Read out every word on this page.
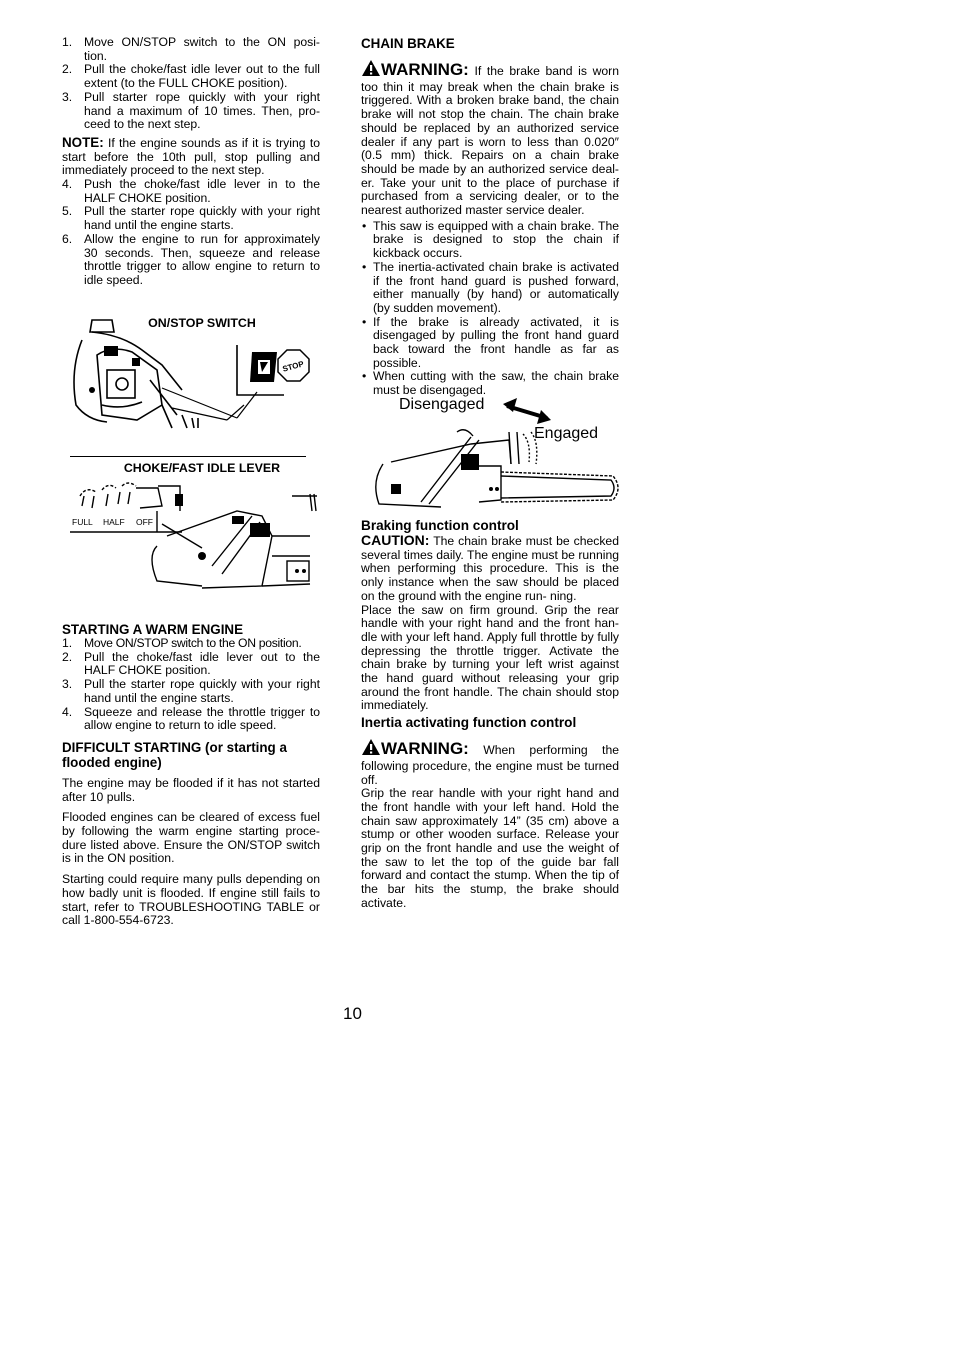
1. Move ON/STOP switch to the ON posi- tion.
2. Pull the choke/fast idle lever out to the full extent (to the FULL CHOKE position).
3. Pull starter rope quickly with your right hand a maximum of 10 times. Then, pro- ceed to the next step.

NOTE: If the engine sounds as if it is trying to start before the 10th pull, stop pulling and immediately proceed to the next step.

4. Push the choke/fast idle lever in to the HALF CHOKE position.
5. Pull the starter rope quickly with your right hand until the engine starts.
6. Allow the engine to run for approximately 30 seconds. Then, squeeze and release throttle trigger to allow engine to return to idle speed.
ON/STOP SWITCH
STOP
CHOKE/FAST IDLE LEVER
FULL HALF OFF

STARTING A WARM ENGINE

1. Move ON/STOP switch to the ON position.
2. Pull the choke/fast idle lever out to the HALF CHOKE position.
3. Pull the starter rope quickly with your right hand until the engine starts.
4. Squeeze and release the throttle trigger to allow engine to return to idle speed.

DIFFICULT STARTING (or starting a flooded engine)

The engine may be flooded if it has not started after 10 pulls.

Flooded engines can be cleared of excess fuel by following the warm engine starting proce- dure listed above. Ensure the ON/STOP switch is in the ON position.

Starting could require many pulls depending on how badly unit is flooded. If engine still fails to start, refer to TROUBLESHOOTING TABLE or call 1-800-554-6723.

CHAIN BRAKE

WARNING: If the brake band is worn too thin it may break when the chain brake is triggered. With a broken brake band, the chain brake will not stop the chain. The chain brake should be replaced by an authorized service dealer if any part is worn to less than 0.020″ (0.5 mm) thick. Repairs on a chain brake should be made by an authorized service deal- er. Take your unit to the place of purchase if purchased from a servicing dealer, or to the nearest authorized master service dealer.

• This saw is equipped with a chain brake. The brake is designed to stop the chain if kickback occurs.
• The inertia-activated chain brake is activated if the front hand guard is pushed forward, either manually (by hand) or automatically (by sudden movement).
• If the brake is already activated, it is disengaged by pulling the front hand guard back toward the front handle as far as possible.
• When cutting with the saw, the chain brake must be disengaged.
Disengaged
Engaged

Braking function control

CAUTION: The chain brake must be checked several times daily. The engine must be running when performing this procedure. This is the only instance when the saw should be placed on the ground with the engine run- ning.

Place the saw on firm ground. Grip the rear handle with your right hand and the front han- dle with your left hand. Apply full throttle by fully depressing the throttle trigger. Activate the chain brake by turning your left wrist against the hand guard without releasing your grip around the front handle. The chain should stop immediately.

Inertia activating function control

WARNING: When performing the following procedure, the engine must be turned off.

Grip the rear handle with your right hand and the front handle with your left hand. Hold the chain saw approximately 14” (35 cm) above a stump or other wooden surface. Release your grip on the front handle and use the weight of the saw to let the top of the guide bar fall forward and contact the stump. When the tip of the bar hits the stump, the brake should activate.

10
